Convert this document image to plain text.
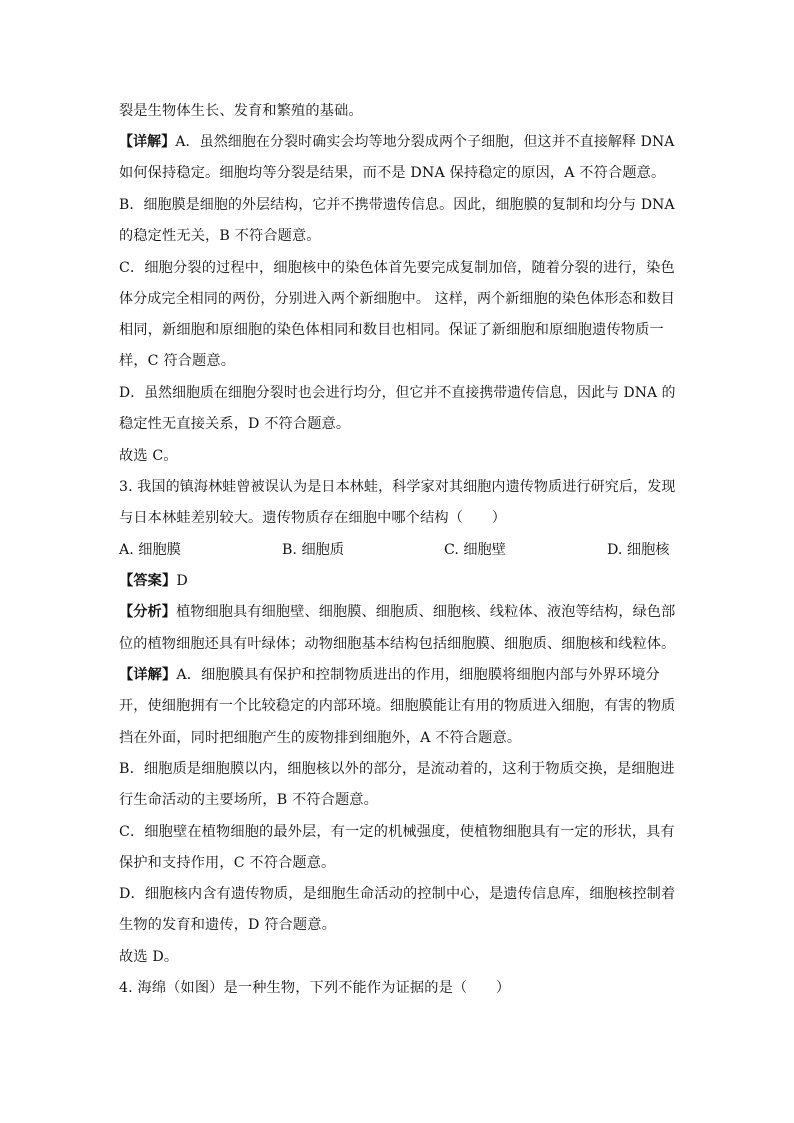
裂是生物体生长、发育和繁殖的基础。
【详解】A．虽然细胞在分裂时确实会均等地分裂成两个子细胞，但这并不直接解释 DNA
如何保持稳定。细胞均等分裂是结果，而不是 DNA 保持稳定的原因，A 不符合题意。
B．细胞膜是细胞的外层结构，它并不携带遗传信息。因此，细胞膜的复制和均分与 DNA
的稳定性无关，B 不符合题意。
C．细胞分裂的过程中，细胞核中的染色体首先要完成复制加倍，随着分裂的进行，染色
体分成完全相同的两份，分别进入两个新细胞中。 这样，两个新细胞的染色体形态和数目
相同，新细胞和原细胞的染色体相同和数目也相同。保证了新细胞和原细胞遗传物质一
样，C 符合题意。
D．虽然细胞质在细胞分裂时也会进行均分，但它并不直接携带遗传信息，因此与 DNA 的
稳定性无直接关系，D 不符合题意。
故选 C。
3. 我国的镇海林蛙曾被误认为是日本林蛙，科学家对其细胞内遗传物质进行研究后，发现
与日本林蛙差别较大。遗传物质存在细胞中哪个结构（　　）
A. 细胞膜	B. 细胞质	C. 细胞壁	D. 细胞核
【答案】D
【分析】植物细胞具有细胞壁、细胞膜、细胞质、细胞核、线粒体、液泡等结构，绿色部
位的植物细胞还具有叶绿体；动物细胞基本结构包括细胞膜、细胞质、细胞核和线粒体。
【详解】A．细胞膜具有保护和控制物质进出的作用，细胞膜将细胞内部与外界环境分
开，使细胞拥有一个比较稳定的内部环境。细胞膜能让有用的物质进入细胞，有害的物质
挡在外面，同时把细胞产生的废物排到细胞外，A 不符合题意。
B．细胞质是细胞膜以内，细胞核以外的部分，是流动着的，这利于物质交换，是细胞进
行生命活动的主要场所，B 不符合题意。
C．细胞壁在植物细胞的最外层，有一定的机械强度，使植物细胞具有一定的形状，具有
保护和支持作用，C 不符合题意。
D．细胞核内含有遗传物质，是细胞生命活动的控制中心，是遗传信息库，细胞核控制着
生物的发育和遗传，D 符合题意。
故选 D。
4. 海绵（如图）是一种生物，下列不能作为证据的是（　　）
